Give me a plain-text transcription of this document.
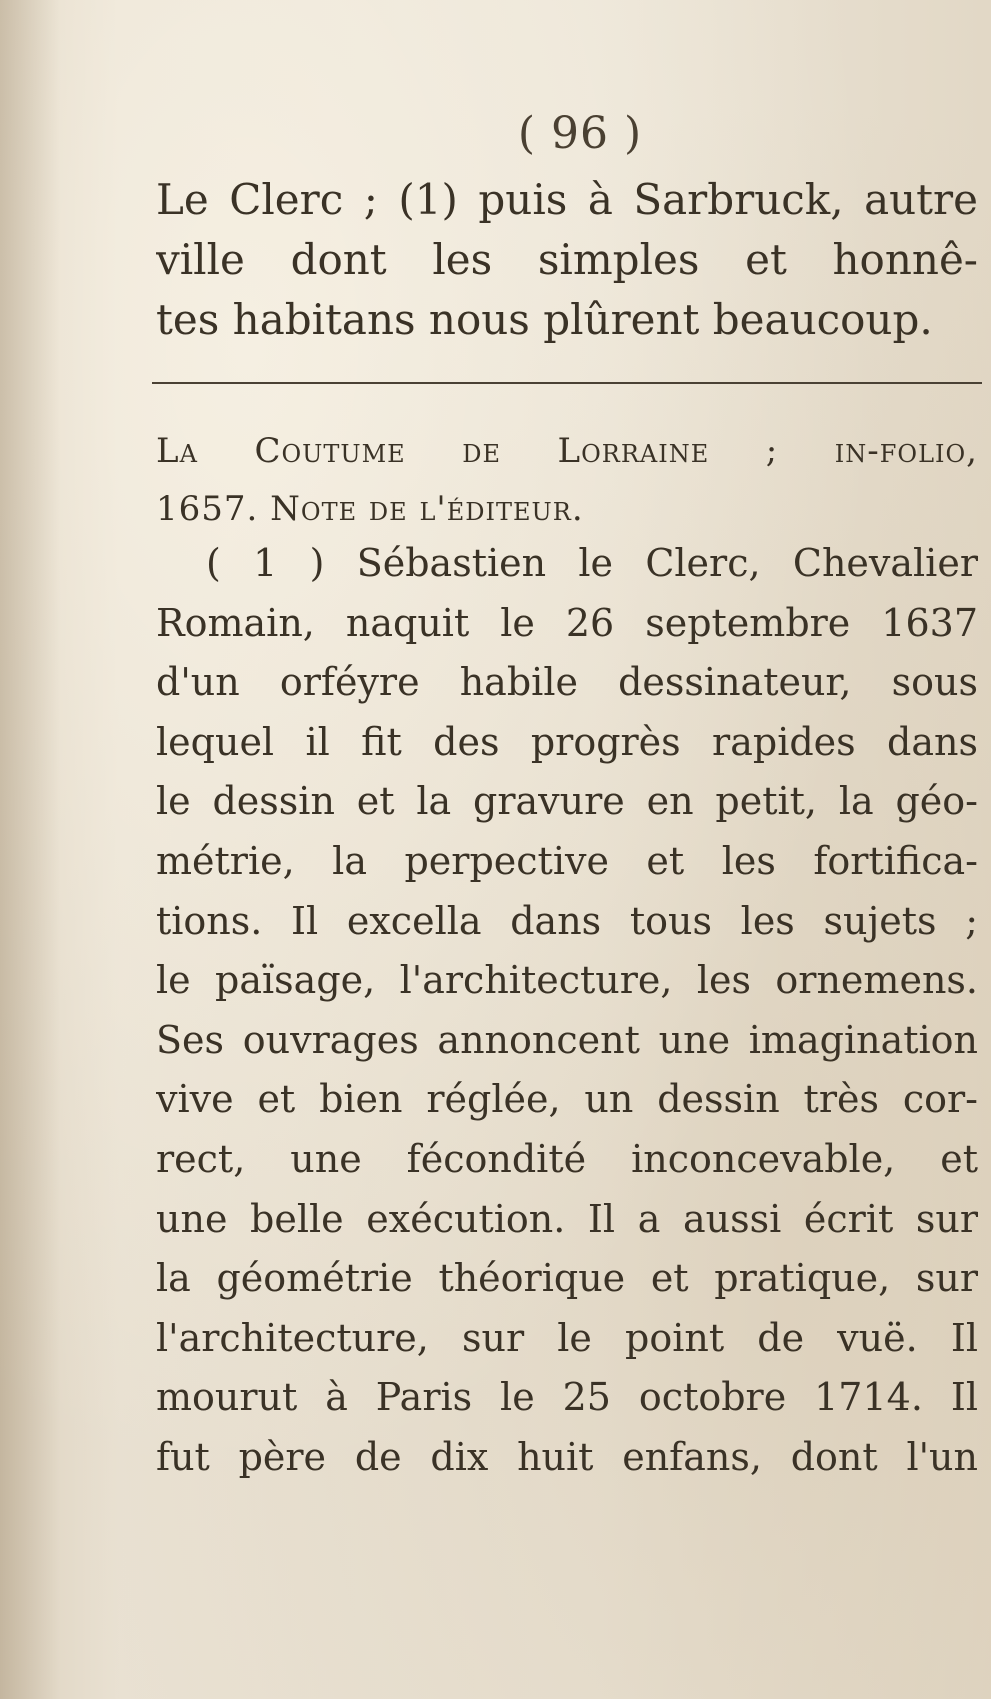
( 96 )
Le Clerc ; (1) puis à Sarbruck, autre
ville dont les simples et honnê-
tes habitans nous plûrent beaucoup.
La Coutume de Lorraine ; in-folio,
1657. Note de l'éditeur.
( 1 ) Sébastien le Clerc, Chevalier
Romain, naquit le 26 septembre 1637
d'un orféyre habile dessinateur, sous
lequel il fit des progrès rapides dans
le dessin et la gravure en petit, la géo-
métrie, la perpective et les fortifica-
tions. Il excella dans tous les sujets ;
le païsage, l'architecture, les ornemens.
Ses ouvrages annoncent une imagination
vive et bien réglée, un dessin très cor-
rect, une fécondité inconcevable, et
une belle exécution. Il a aussi écrit sur
la géométrie théorique et pratique, sur
l'architecture, sur le point de vuë. Il
mourut à Paris le 25 octobre 1714. Il
fut père de dix huit enfans, dont l'un
